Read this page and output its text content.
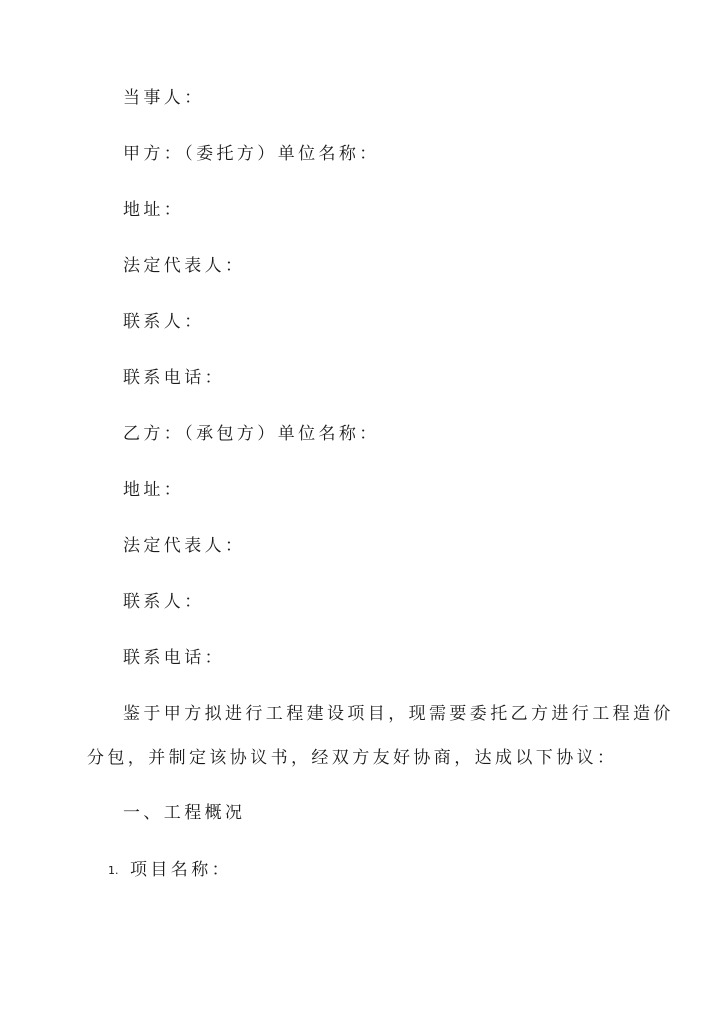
当事人：
甲方：（委托方）单位名称：
地址：
法定代表人：
联系人：
联系电话：
乙方：（承包方）单位名称：
地址：
法定代表人：
联系人：
联系电话：
鉴于甲方拟进行工程建设项目，现需要委托乙方进行工程造价
分包，并制定该协议书，经双方友好协商，达成以下协议：
一、工程概况
1. 项目名称：
